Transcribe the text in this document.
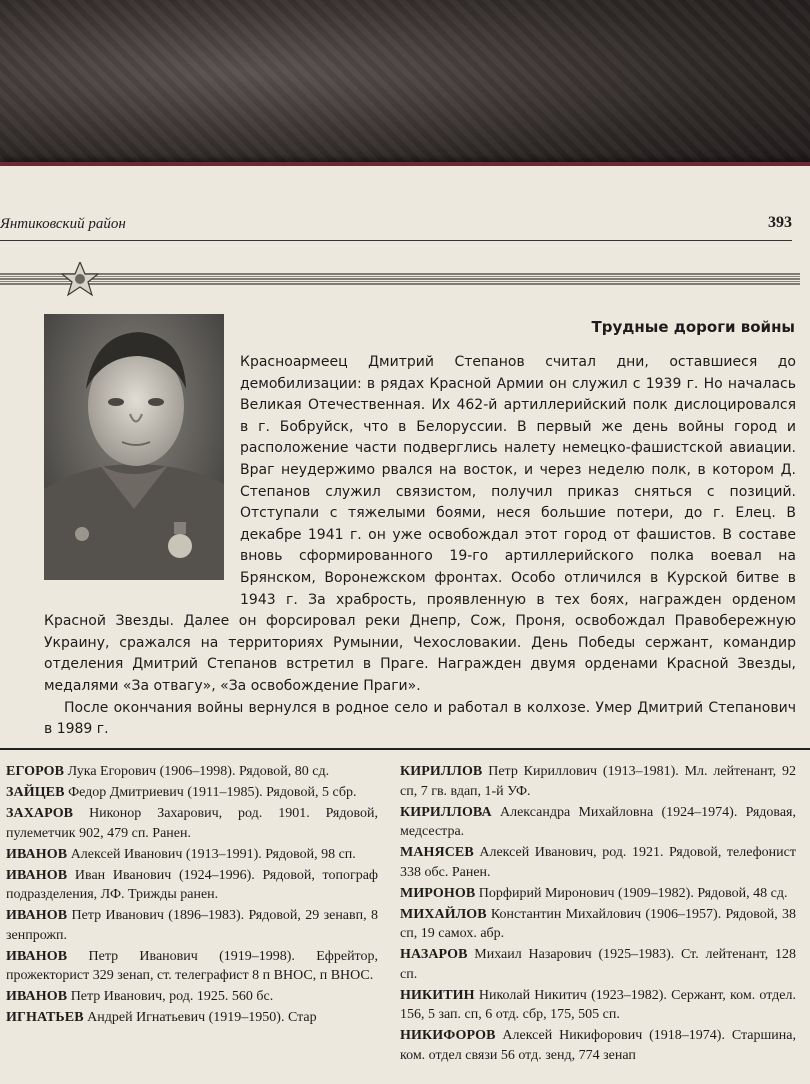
Янтиковский район	393
Трудные дороги войны

Красноармеец Дмитрий Степанов считал дни, оставшиеся до демобилизации: в рядах Красной Армии он служил с 1939 г. Но началась Великая Отечественная. Их 462-й артиллерийский полк дислоцировался в г. Бобруйск, что в Белоруссии. В первый же день войны город и расположение части подверглись налету немецко-фашистской авиации. Враг неудержимо рвался на восток, и через неделю полк, в котором Д. Степанов служил связистом, получил приказ сняться с позиций. Отступали с тяжелыми боями, неся большие потери, до г. Елец. В декабре 1941 г. он уже освобождал этот город от фашистов. В составе вновь сформированного 19-го артиллерийского полка воевал на Брянском, Воронежском фронтах. Особо отличился в Курской битве в 1943 г. За храбрость, проявленную в тех боях, награжден орденом Красной Звезды. Далее он форсировал реки Днепр, Сож, Проня, освобождал Правобережную Украину, сражался на территориях Румынии, Чехословакии. День Победы сержант, командир отделения Дмитрий Степанов встретил в Праге. Награжден двумя орденами Красной Звезды, медалями «За отвагу», «За освобождение Праги».

После окончания войны вернулся в родное село и работал в колхозе. Умер Дмитрий Степанович в 1989 г.

ЕГОРОВ Лука Егорович (1906–1998). Рядовой, 80 сд.
ЗАЙЦЕВ Федор Дмитриевич (1911–1985). Рядовой, 5 сбр.
ЗАХАРОВ Никонор Захарович, род. 1901. Рядовой, пулеметчик 902, 479 сп. Ранен.
ИВАНОВ Алексей Иванович (1913–1991). Рядовой, 98 сп.
ИВАНОВ Иван Иванович (1924–1996). Рядовой, топограф подразделения, ЛФ. Трижды ранен.
ИВАНОВ Петр Иванович (1896–1983). Рядовой, 29 зенавп, 8 зенпрожп.
ИВАНОВ Петр Иванович (1919–1998). Ефрейтор, прожекторист 329 зенап, ст. телеграфист 8 п ВНОС, п ВНОС.
ИВАНОВ Петр Иванович, род. 1925. 560 бс.
ИГНАТЬЕВ Андрей Игнатьевич (1919–1950). Стар
КИРИЛЛОВ Петр Кириллович (1913–1981). Мл. лейтенант, 92 сп, 7 гв. вдап, 1-й УФ.
КИРИЛЛОВА Александра Михайловна (1924–1974). Рядовая, медсестра.
МАНЯСЕВ Алексей Иванович, род. 1921. Рядовой, телефонист 338 обс. Ранен.
МИРОНОВ Порфирий Миронович (1909–1982). Рядовой, 48 сд.
МИХАЙЛОВ Константин Михайлович (1906–1957). Рядовой, 38 сп, 19 самох. абр.
НАЗАРОВ Михаил Назарович (1925–1983). Ст. лейтенант, 128 сп.
НИКИТИН Николай Никитич (1923–1982). Сержант, ком. отдел. 156, 5 зап. сп, 6 отд. сбр, 175, 505 сп.
НИКИФОРОВ Алексей Никифорович (1918–1974). Старшина, ком. отдел связи 56 отд. зенд, 774 зенап
